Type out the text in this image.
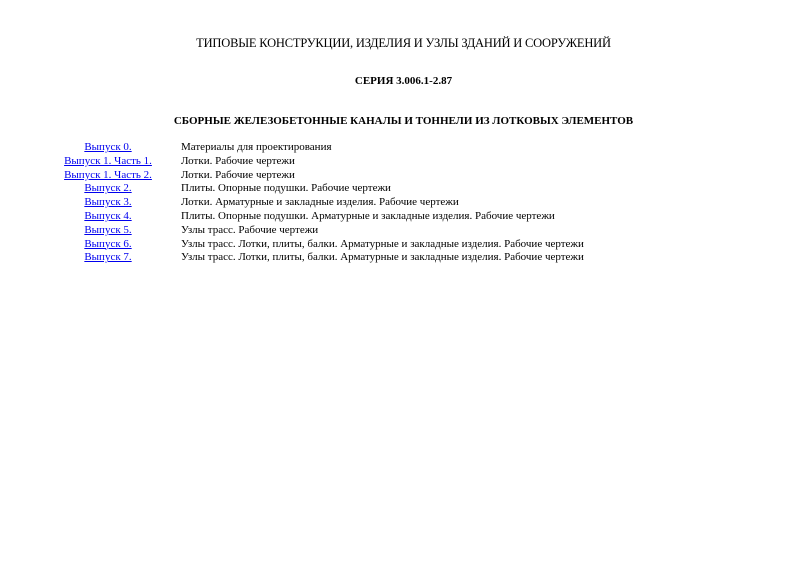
ТИПОВЫЕ КОНСТРУКЦИИ, ИЗДЕЛИЯ И УЗЛЫ ЗДАНИЙ И СООРУЖЕНИЙ
СЕРИЯ 3.006.1-2.87
СБОРНЫЕ ЖЕЛЕЗОБЕТОННЫЕ КАНАЛЫ И ТОННЕЛИ ИЗ ЛОТКОВЫХ ЭЛЕМЕНТОВ
Выпуск 0.	Материалы для проектирования
Выпуск 1. Часть 1.	Лотки. Рабочие чертежи
Выпуск 1. Часть 2.	Лотки. Рабочие чертежи
Выпуск 2.	Плиты. Опорные подушки. Рабочие чертежи
Выпуск 3.	Лотки. Арматурные и закладные изделия. Рабочие чертежи
Выпуск 4.	Плиты. Опорные подушки. Арматурные и закладные изделия. Рабочие чертежи
Выпуск 5.	Узлы трасс. Рабочие чертежи
Выпуск 6.	Узлы трасс. Лотки, плиты, балки. Арматурные и закладные изделия. Рабочие чертежи
Выпуск 7.	Узлы трасс. Лотки, плиты, балки. Арматурные и закладные изделия. Рабочие чертежи
